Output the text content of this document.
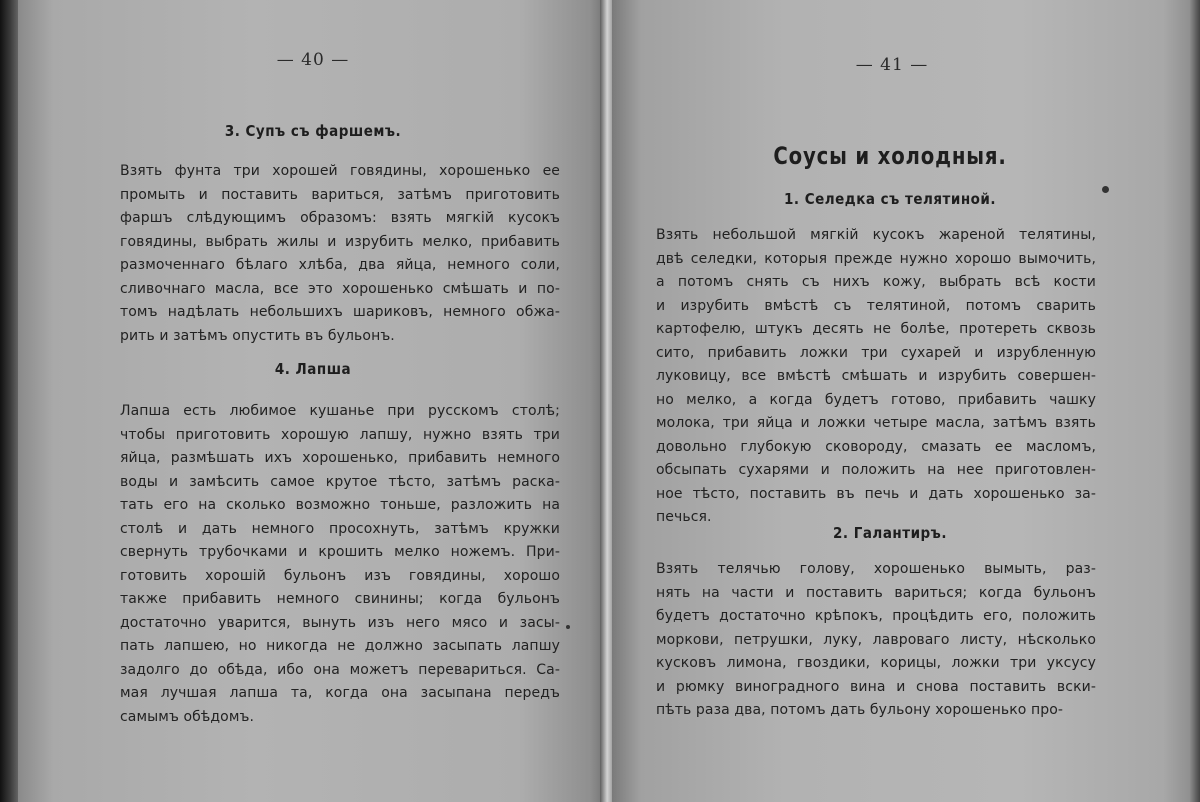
— 40 —
3. Супъ съ фаршемъ.
Взять фунта три хорошей говядины, хорошенько ее
промыть и поставить вариться, затѣмъ приготовить
фаршъ слѣдующимъ образомъ: взять мягкiй кусокъ
говядины, выбрать жилы и изрубить мелко, прибавить
размоченнаго бѣлаго хлѣба, два яйца, немного соли,
сливочнаго масла, все это хорошенько смѣшать и по-
томъ надѣлать небольшихъ шариковъ, немного обжа-
рить и затѣмъ опустить въ бульонъ.
4. Лапша
Лапша есть любимое кушанье при русскомъ столѣ;
чтобы приготовить хорошую лапшу, нужно взять три
яйца, размѣшать ихъ хорошенько, прибавить немного
воды и замѣсить самое крутое тѣсто, затѣмъ раска-
тать его на сколько возможно тоньше, разложить на
столѣ и дать немного просохнуть, затѣмъ кружки
свернуть трубочками и крошить мелко ножемъ. При-
готовить хорошiй бульонъ изъ говядины, хорошо
также прибавить немного свинины; когда бульонъ
достаточно уварится, вынуть изъ него мясо и засы-
пать лапшею, но никогда не должно засыпать лапшу
задолго до обѣда, ибо она можетъ перевариться. Са-
мая лучшая лапша та, когда она засыпана передъ
самымъ обѣдомъ.
— 41 —
Соусы и холодныя.
1. Селедка съ телятиной.
Взять небольшой мягкiй кусокъ жареной телятины,
двѣ селедки, которыя прежде нужно хорошо вымочить,
а потомъ снять съ нихъ кожу, выбрать всѣ кости
и изрубить вмѣстѣ съ телятиной, потомъ сварить
картофелю, штукъ десять не болѣе, протереть сквозь
сито, прибавить ложки три сухарей и изрубленную
луковицу, все вмѣстѣ смѣшать и изрубить совершен-
но мелко, а когда будетъ готово, прибавить чашку
молока, три яйца и ложки четыре масла, затѣмъ взять
довольно глубокую сковороду, смазать ее масломъ,
обсыпать сухарями и положить на нее приготовлен-
ное тѣсто, поставить въ печь и дать хорошенько за-
печься.
2. Галантиръ.
Взять телячью голову, хорошенько вымыть, раз-
нять на части и поставить вариться; когда бульонъ
будетъ достаточно крѣпокъ, процѣдить его, положить
моркови, петрушки, луку, лавроваго листу, нѣсколько
кусковъ лимона, гвоздики, корицы, ложки три уксусу
и рюмку виноградного вина и снова поставить вски-
пѣть раза два, потомъ дать бульону хорошенько про-
